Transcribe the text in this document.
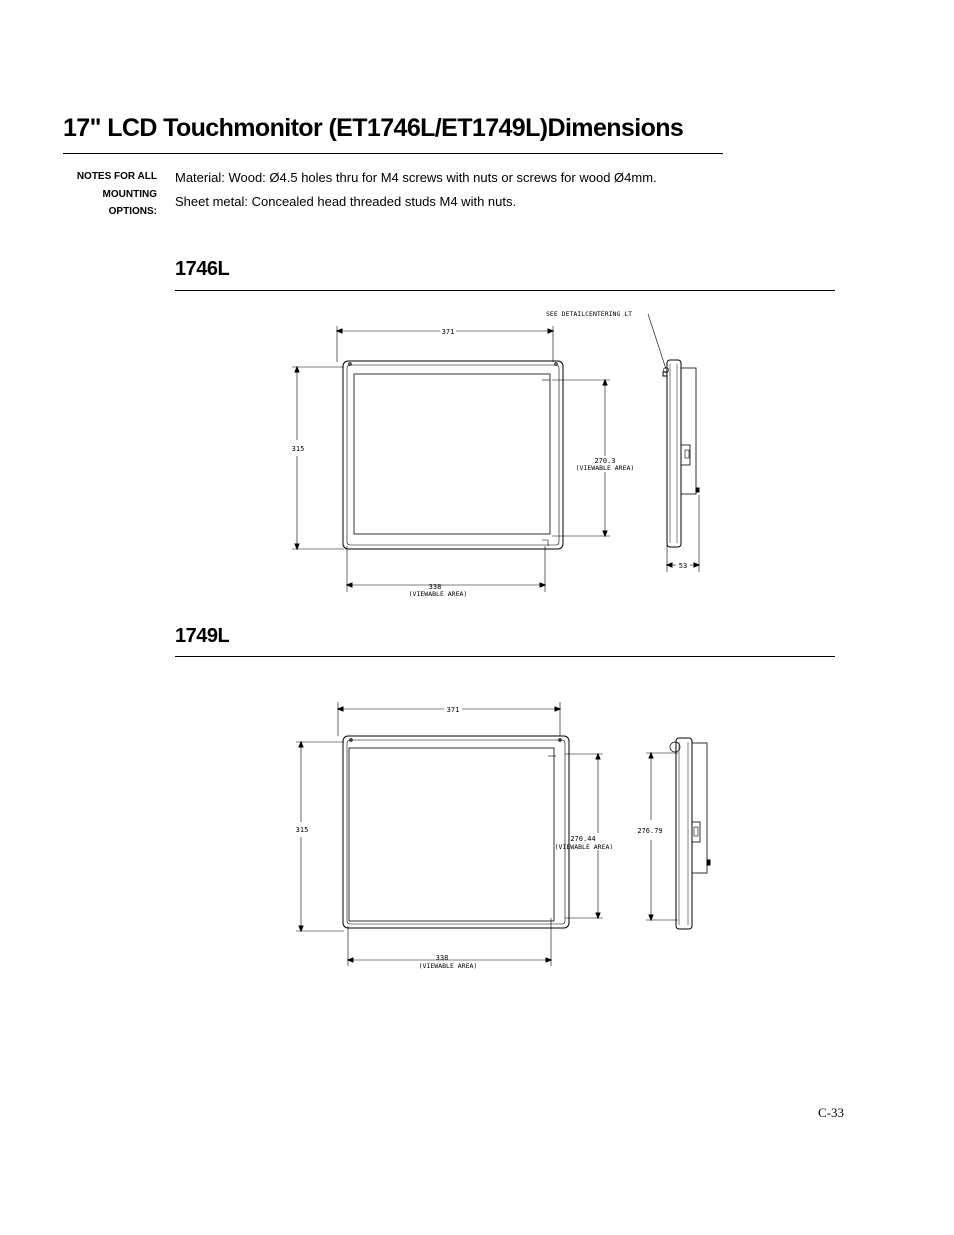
17" LCD Touchmonitor (ET1746L/ET1749L)Dimensions
NOTES FOR ALL
MOUNTING
OPTIONS:
Material: Wood: Ø4.5 holes thru for M4 screws with nuts or screws for wood Ø4mm.
Sheet metal: Concealed head threaded studs M4 with nuts.
1746L
371
315
270.3
(VIEWABLE AREA)
338
(VIEWABLE AREA)
SEE DETAILCENTERING LT
53
1749L
371
315
270.44
(VIEWABLE AREA)
338
(VIEWABLE AREA)
276.79
C-33
